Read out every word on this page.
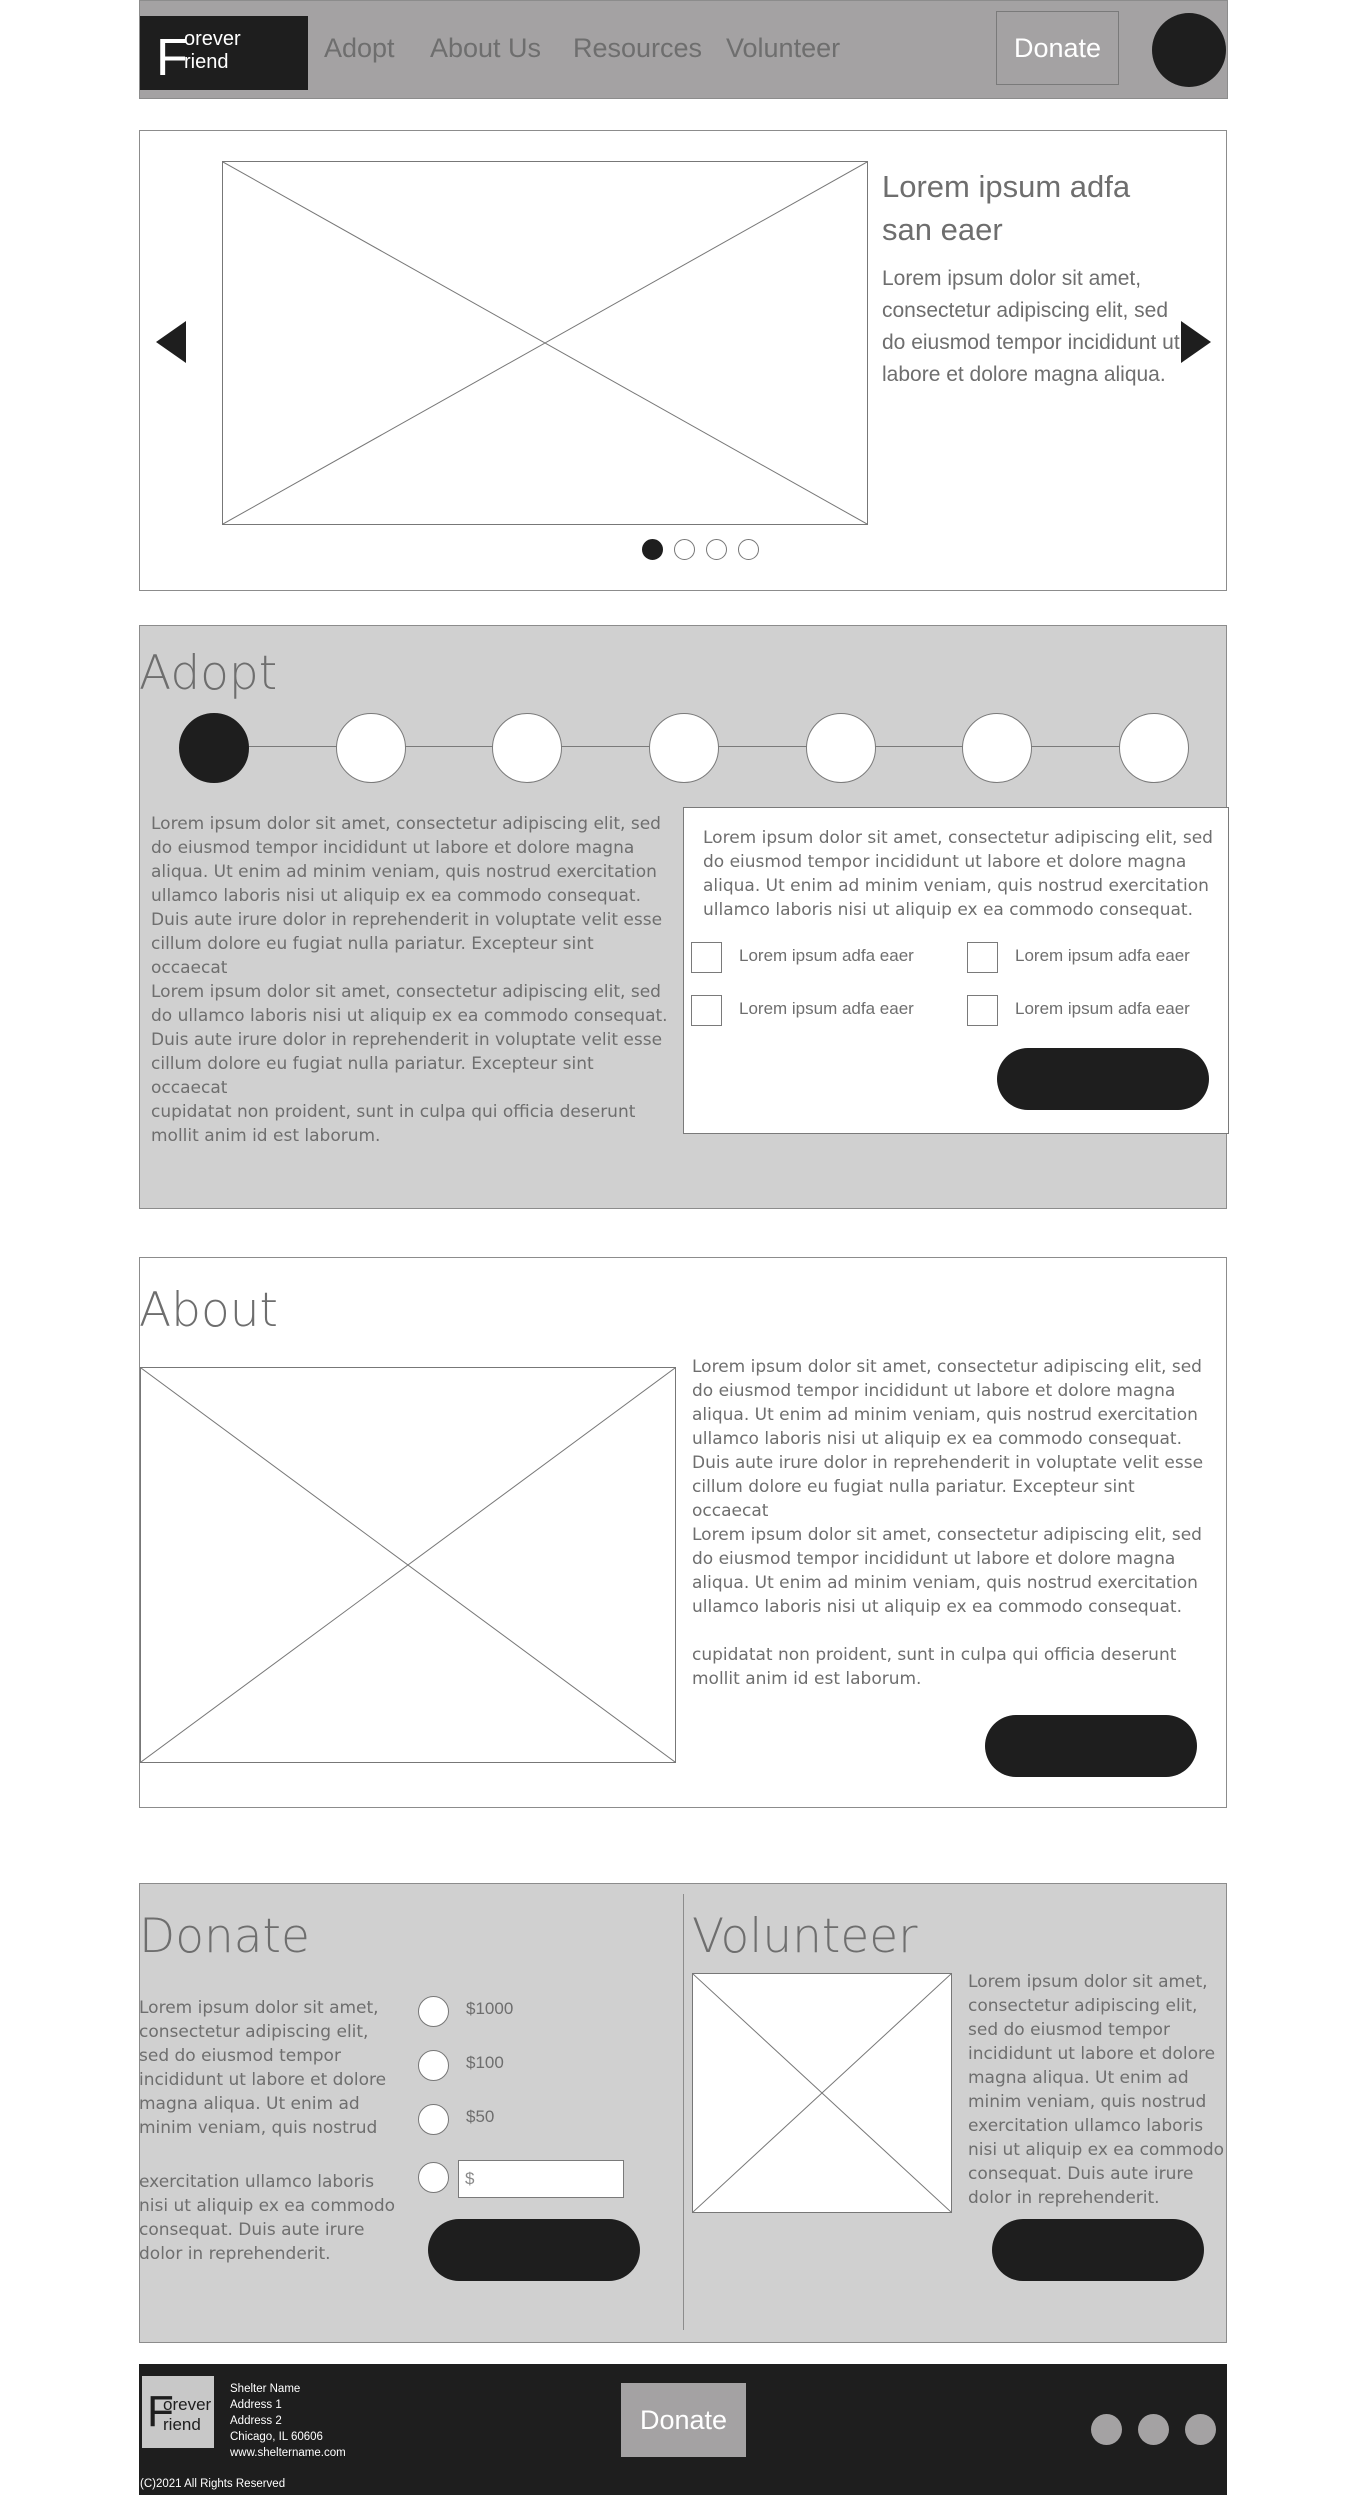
F
orever
riend	Adopt About Us Resources Volunteer	Donate
Lorem ipsum adfa san eaer
Lorem ipsum dolor sit amet, consectetur adipiscing elit, sed do eiusmod tempor incididunt ut labore et dolore magna aliqua.
Adopt
Lorem ipsum dolor sit amet, consectetur adipiscing elit, sed do eiusmod tempor incididunt ut labore et dolore magna aliqua. Ut enim ad minim veniam, quis nostrud exercitation ullamco laboris nisi ut aliquip ex ea commodo consequat. Duis aute irure dolor in reprehenderit in voluptate velit esse cillum dolore eu fugiat nulla pariatur. Excepteur sint occaecat
Lorem ipsum dolor sit amet, consectetur adipiscing elit, sed do ullamco laboris nisi ut aliquip ex ea commodo consequat. Duis aute irure dolor in reprehenderit in voluptate velit esse cillum dolore eu fugiat nulla pariatur. Excepteur sint occaecat
cupidatat non proident, sunt in culpa qui officia deserunt mollit anim id est laborum.
Lorem ipsum dolor sit amet, consectetur adipiscing elit, sed do eiusmod tempor incididunt ut labore et dolore magna aliqua. Ut enim ad minim veniam, quis nostrud exercitation ullamco laboris nisi ut aliquip ex ea commodo consequat.
Lorem ipsum adfa eaer	Lorem ipsum adfa eaer
Lorem ipsum adfa eaer	Lorem ipsum adfa eaer
About
Lorem ipsum dolor sit amet, consectetur adipiscing elit, sed do eiusmod tempor incididunt ut labore et dolore magna aliqua. Ut enim ad minim veniam, quis nostrud exercitation ullamco laboris nisi ut aliquip ex ea commodo consequat. Duis aute irure dolor in reprehenderit in voluptate velit esse cillum dolore eu fugiat nulla pariatur. Excepteur sint occaecat
Lorem ipsum dolor sit amet, consectetur adipiscing elit, sed do eiusmod tempor incididunt ut labore et dolore magna aliqua. Ut enim ad minim veniam, quis nostrud exercitation ullamco laboris nisi ut aliquip ex ea commodo consequat.
cupidatat non proident, sunt in culpa qui officia deserunt mollit anim id est laborum.
Donate
Lorem ipsum dolor sit amet, consectetur adipiscing elit, sed do eiusmod tempor incididunt ut labore et dolore magna aliqua. Ut enim ad minim veniam, quis nostrud
exercitation ullamco laboris nisi ut aliquip ex ea commodo consequat. Duis aute irure dolor in reprehenderit.
$1000
$100
$50
$
Volunteer
Lorem ipsum dolor sit amet, consectetur adipiscing elit, sed do eiusmod tempor incididunt ut labore et dolore magna aliqua. Ut enim ad minim veniam, quis nostrud exercitation ullamco laboris nisi ut aliquip ex ea commodo consequat. Duis aute irure dolor in reprehenderit.
F
orever
riend
Shelter Name
Address 1
Address 2
Chicago, IL 60606
www.sheltername.com
Donate
(C)2021 All Rights Reserved
